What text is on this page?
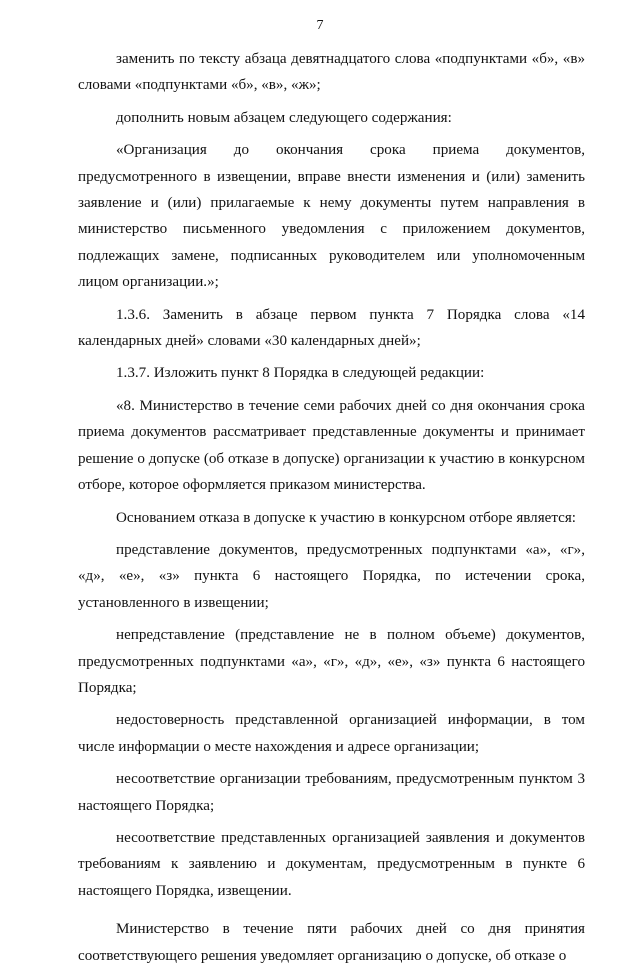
7

заменить по тексту абзаца девятнадцатого слова «подпунктами «б», «в» словами «подпунктами «б», «в», «ж»;

дополнить новым абзацем следующего содержания:

«Организация до окончания срока приема документов, предусмотренного в извещении, вправе внести изменения и (или) заменить заявление и (или) прилагаемые к нему документы путем направления в министерство письменного уведомления с приложением документов, подлежащих замене, подписанных руководителем или уполномоченным лицом организации.»;

1.3.6. Заменить в абзаце первом пункта 7 Порядка слова «14 календарных дней» словами «30 календарных дней»;

1.3.7. Изложить пункт 8 Порядка в следующей редакции:

«8. Министерство в течение семи рабочих дней со дня окончания срока приема документов рассматривает представленные документы и принимает решение о допуске (об отказе в допуске) организации к участию в конкурсном отборе, которое оформляется приказом министерства.

Основанием отказа в допуске к участию в конкурсном отборе является:

представление документов, предусмотренных подпунктами «а», «г», «д», «е», «з» пункта 6 настоящего Порядка, по истечении срока, установленного в извещении;

непредставление (представление не в полном объеме) документов, предусмотренных подпунктами «а», «г», «д», «е», «з» пункта 6 настоящего Порядка;

недостоверность представленной организацией информации, в том числе информации о месте нахождения и адресе организации;

несоответствие организации требованиям, предусмотренным пунктом 3 настоящего Порядка;

несоответствие представленных организацией заявления и документов требованиям к заявлению и документам, предусмотренным в пункте 6 настоящего Порядка, извещении.

Министерство в течение пяти рабочих дней со дня принятия соответствующего решения уведомляет организацию о допуске, об отказе о
